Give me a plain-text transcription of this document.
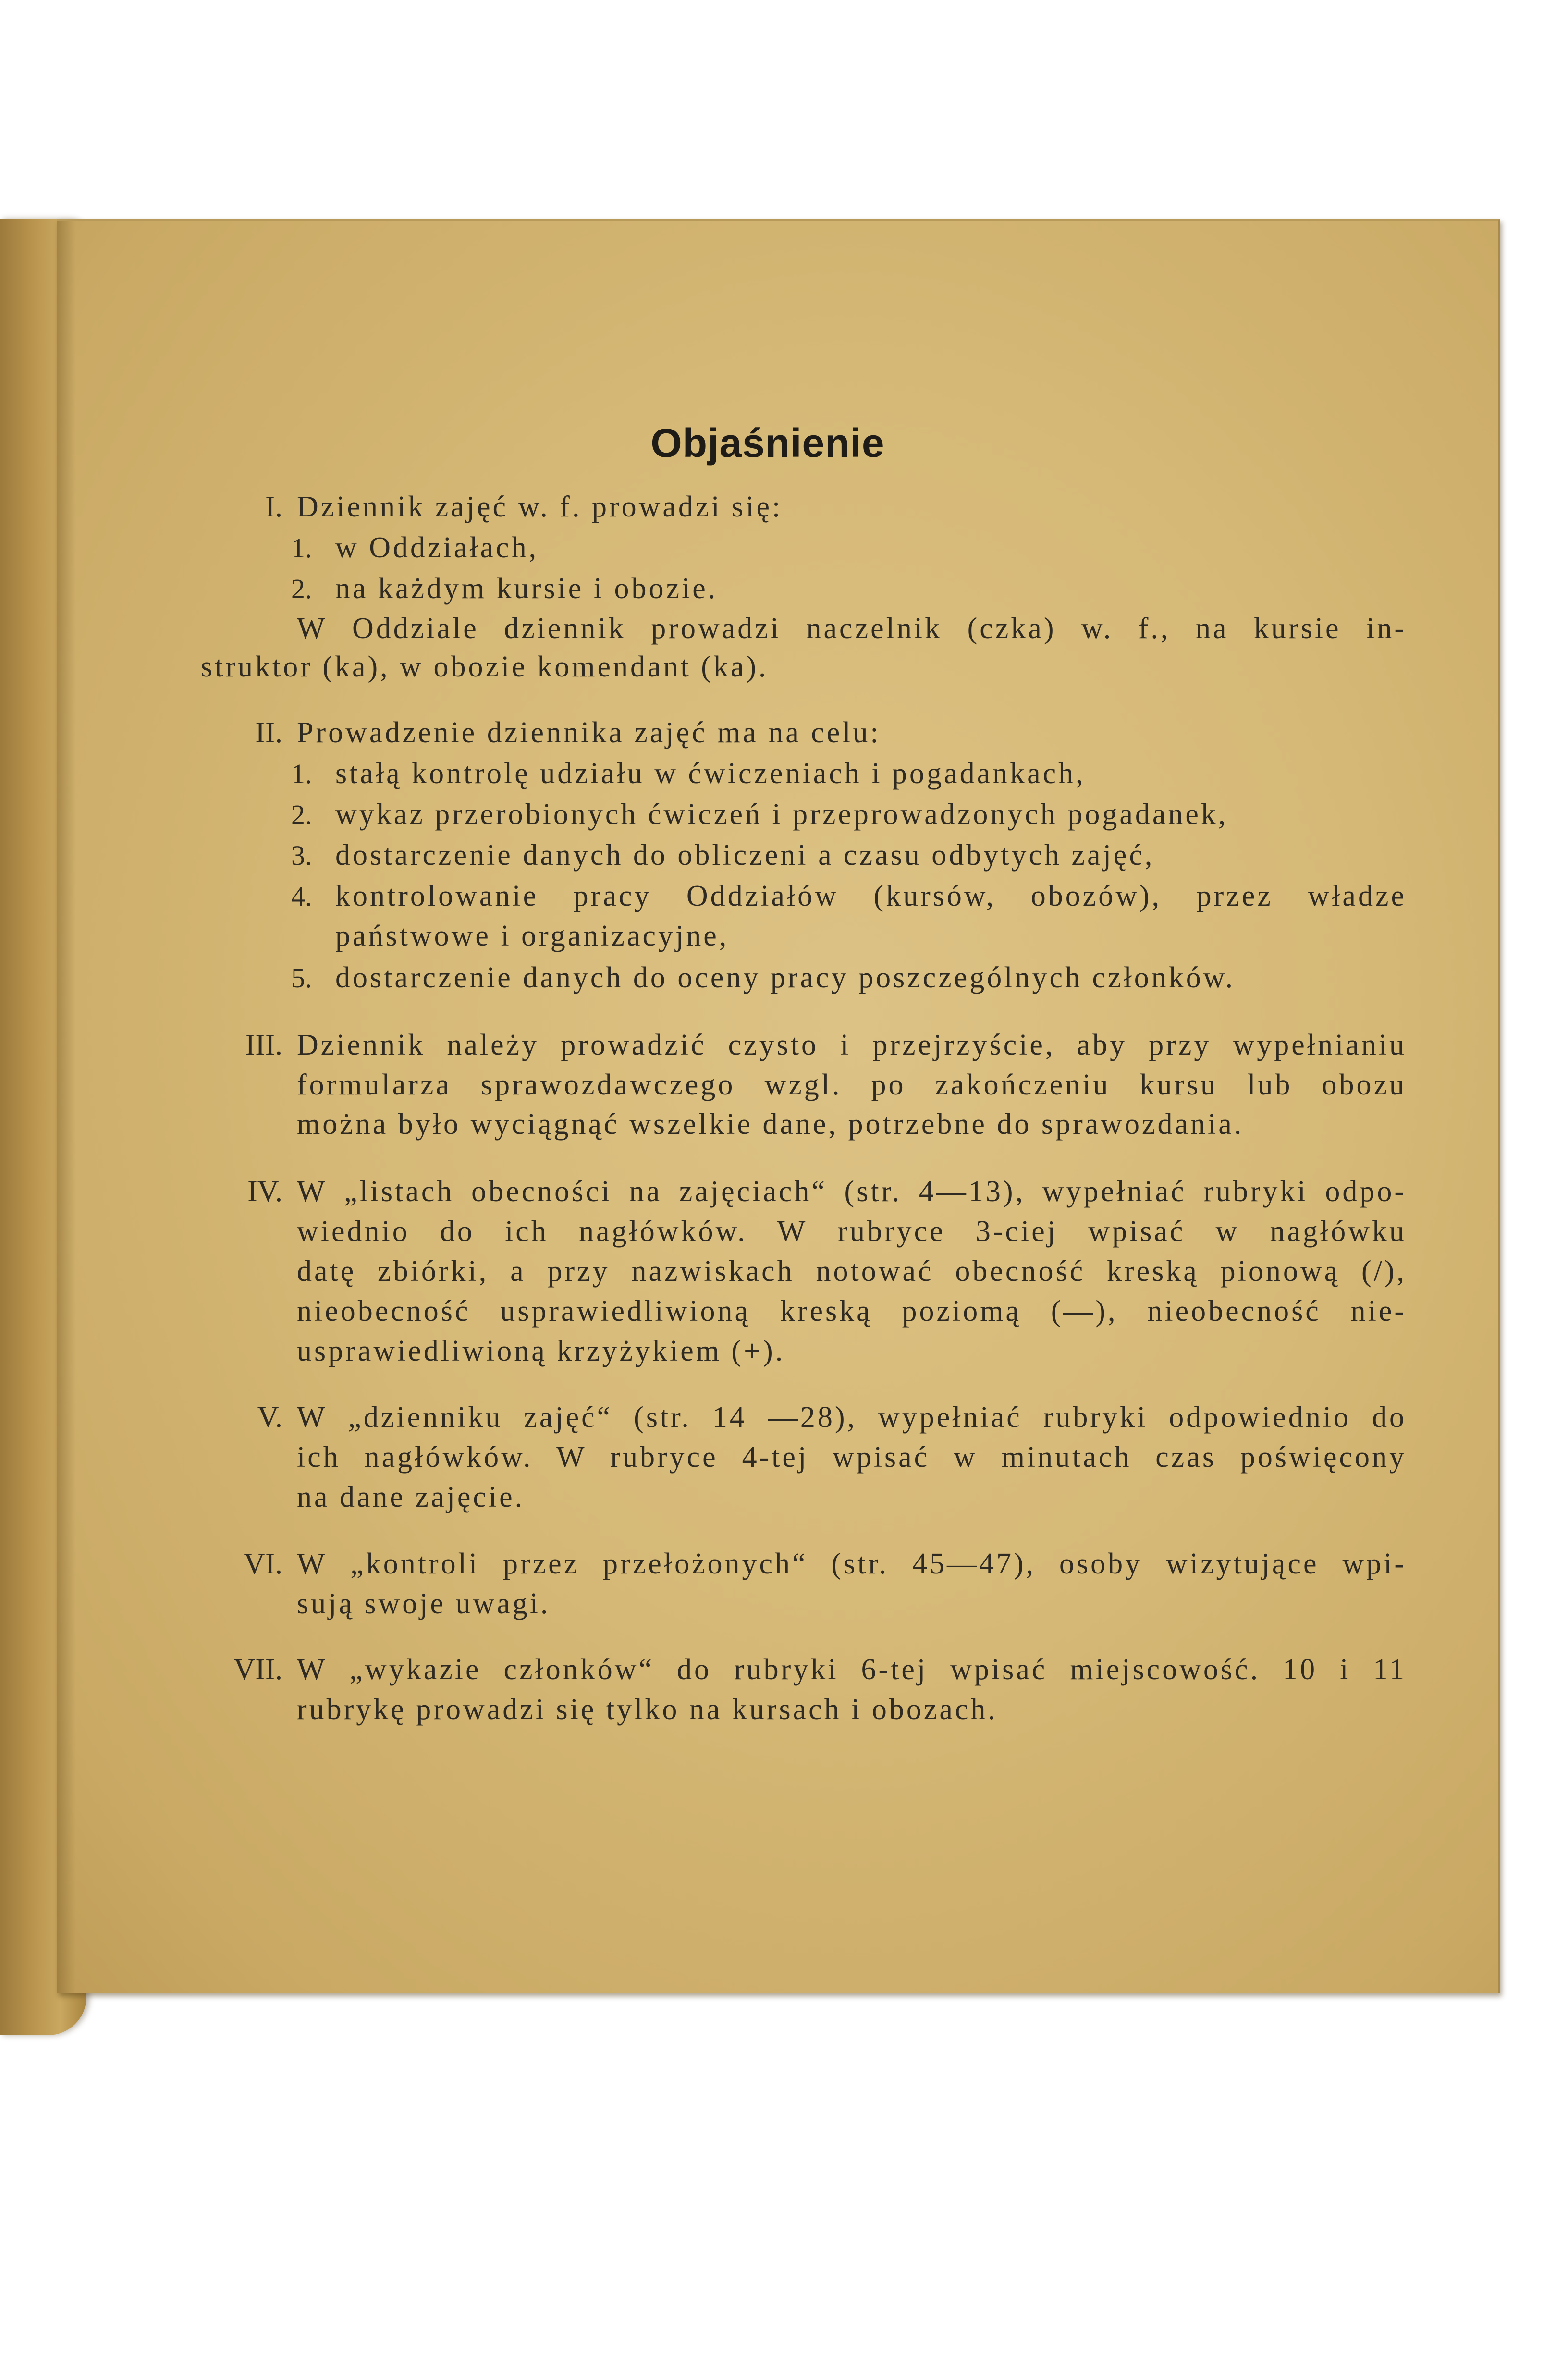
Objaśnienie
I. Dziennik zajęć w. f. prowadzi się:
1. w Oddziałach,
2. na każdym kursie i obozie.
W Oddziale dziennik prowadzi naczelnik (czka) w. f., na kursie in-
struktor (ka), w obozie komendant (ka).
II. Prowadzenie dziennika zajęć ma na celu:
1. stałą kontrolę udziału w ćwiczeniach i pogadankach,
2. wykaz przerobionych ćwiczeń i przeprowadzonych pogadanek,
3. dostarczenie danych do obliczeni a czasu odbytych zajęć,
4. kontrolowanie pracy Oddziałów (kursów, obozów), przez władze
państwowe i organizacyjne,
5. dostarczenie danych do oceny pracy poszczególnych członków.
III. Dziennik należy prowadzić czysto i przejrzyście, aby przy wypełnianiu
formularza sprawozdawczego wzgl. po zakończeniu kursu lub obozu
można było wyciągnąć wszelkie dane, potrzebne do sprawozdania.
IV. W „listach obecności na zajęciach“ (str. 4—13), wypełniać rubryki odpo-
wiednio do ich nagłówków. W rubryce 3-ciej wpisać w nagłówku
datę zbiórki, a przy nazwiskach notować obecność kreską pionową (/),
nieobecność usprawiedliwioną kreską poziomą (—), nieobecność nie-
usprawiedliwioną krzyżykiem (+).
V. W „dzienniku zajęć“ (str. 14 —28), wypełniać rubryki odpowiednio do
ich nagłówków. W rubryce 4-tej wpisać w minutach czas poświęcony
na dane zajęcie.
VI. W „kontroli przez przełożonych“ (str. 45—47), osoby wizytujące wpi-
sują swoje uwagi.
VII. W „wykazie członków“ do rubryki 6-tej wpisać miejscowość. 10 i 11
rubrykę prowadzi się tylko na kursach i obozach.
